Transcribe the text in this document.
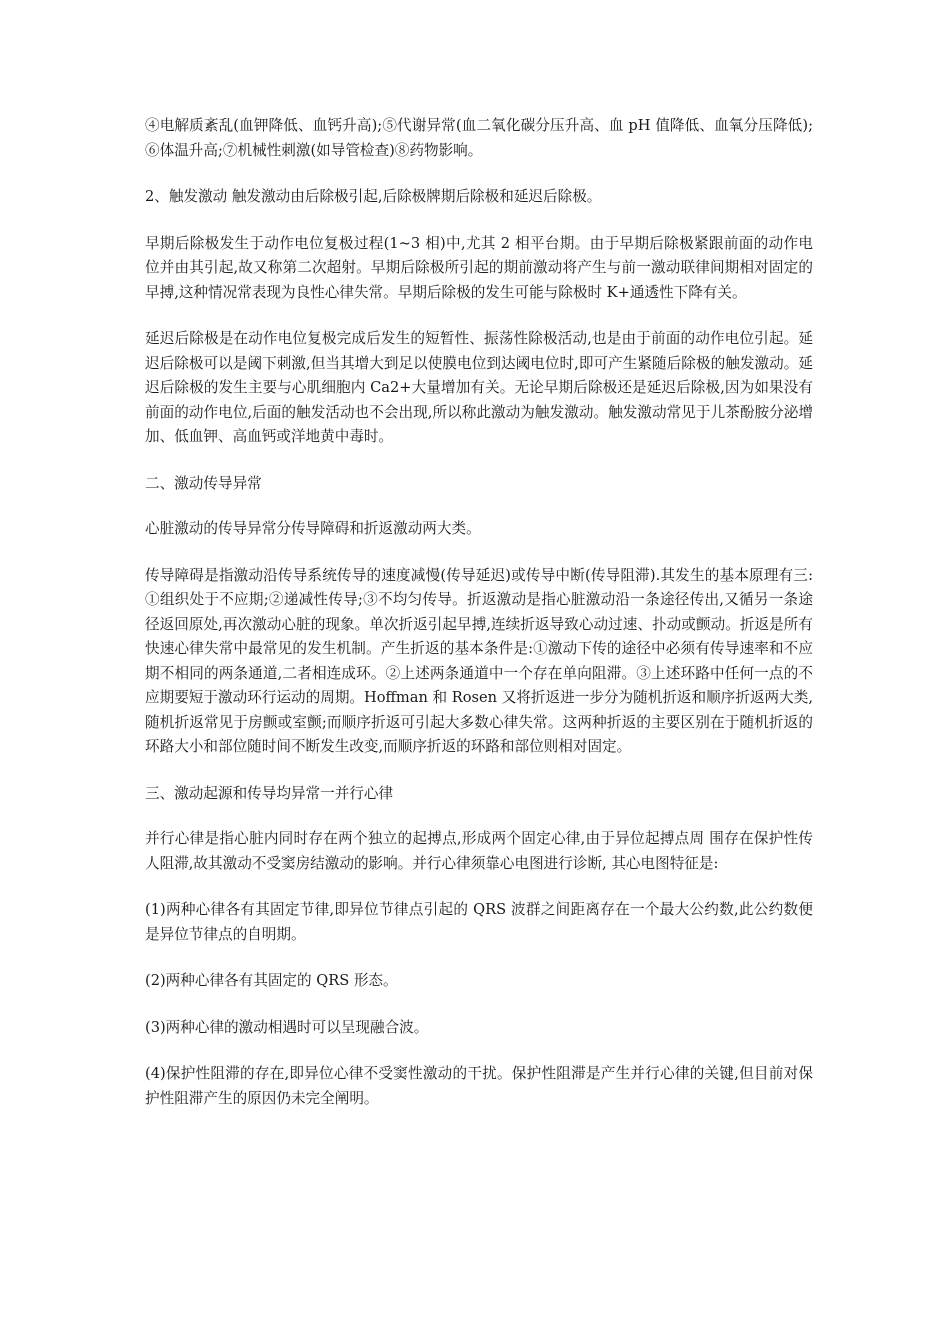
④电解质紊乱(血钾降低、血钙升高);⑤代谢异常(血二氧化碳分压升高、血 pH 值降低、血氧分压降低);⑥体温升高;⑦机械性刺激(如导管检查)⑧药物影响。

2、触发激动 触发激动由后除极引起,后除极牌期后除极和延迟后除极。

早期后除极发生于动作电位复极过程(1~3 相)中,尤其 2 相平台期。由于早期后除极紧跟前面的动作电位并由其引起,故又称第二次超射。早期后除极所引起的期前激动将产生与前一激动联律间期相对固定的早搏,这种情况常表现为良性心律失常。早期后除极的发生可能与除极时 K+通透性下降有关。

延迟后除极是在动作电位复极完成后发生的短暂性、振荡性除极活动,也是由于前面的动作电位引起。延迟后除极可以是阈下刺激,但当其增大到足以使膜电位到达阈电位时,即可产生紧随后除极的触发激动。延迟后除极的发生主要与心肌细胞内 Ca2+大量增加有关。无论早期后除极还是延迟后除极,因为如果没有前面的动作电位,后面的触发活动也不会出现,所以称此激动为触发激动。触发激动常见于儿茶酚胺分泌增加、低血钾、高血钙或洋地黄中毒时。

二、激动传导异常

心脏激动的传导异常分传导障碍和折返激动两大类。

传导障碍是指激动沿传导系统传导的速度减慢(传导延迟)或传导中断(传导阻滞).其发生的基本原理有三:①组织处于不应期;②递减性传导;③不均匀传导。折返激动是指心脏激动沿一条途径传出,又循另一条途径返回原处,再次激动心脏的现象。单次折返引起早搏,连续折返导致心动过速、扑动或颤动。折返是所有快速心律失常中最常见的发生机制。产生折返的基本条件是:①激动下传的途径中必须有传导速率和不应期不相同的两条通道,二者相连成环。②上述两条通道中一个存在单向阻滞。③上述环路中任何一点的不应期要短于激动环行运动的周期。Hoffman 和 Rosen 又将折返进一步分为随机折返和顺序折返两大类,随机折返常见于房颤或室颤;而顺序折返可引起大多数心律失常。这两种折返的主要区别在于随机折返的环路大小和部位随时间不断发生改变,而顺序折返的环路和部位则相对固定。

三、激动起源和传导均异常一并行心律

并行心律是指心脏内同时存在两个独立的起搏点,形成两个固定心律,由于异位起搏点周 围存在保护性传人阻滞,故其激动不受窦房结激动的影响。并行心律须靠心电图进行诊断, 其心电图特征是:

(1)两种心律各有其固定节律,即异位节律点引起的 QRS 波群之间距离存在一个最大公约数,此公约数便是异位节律点的自明期。

(2)两种心律各有其固定的 QRS 形态。

(3)两种心律的激动相遇时可以呈现融合波。

(4)保护性阻滞的存在,即异位心律不受窦性激动的干扰。保护性阻滞是产生并行心律的关键,但目前对保护性阻滞产生的原因仍未完全阐明。
